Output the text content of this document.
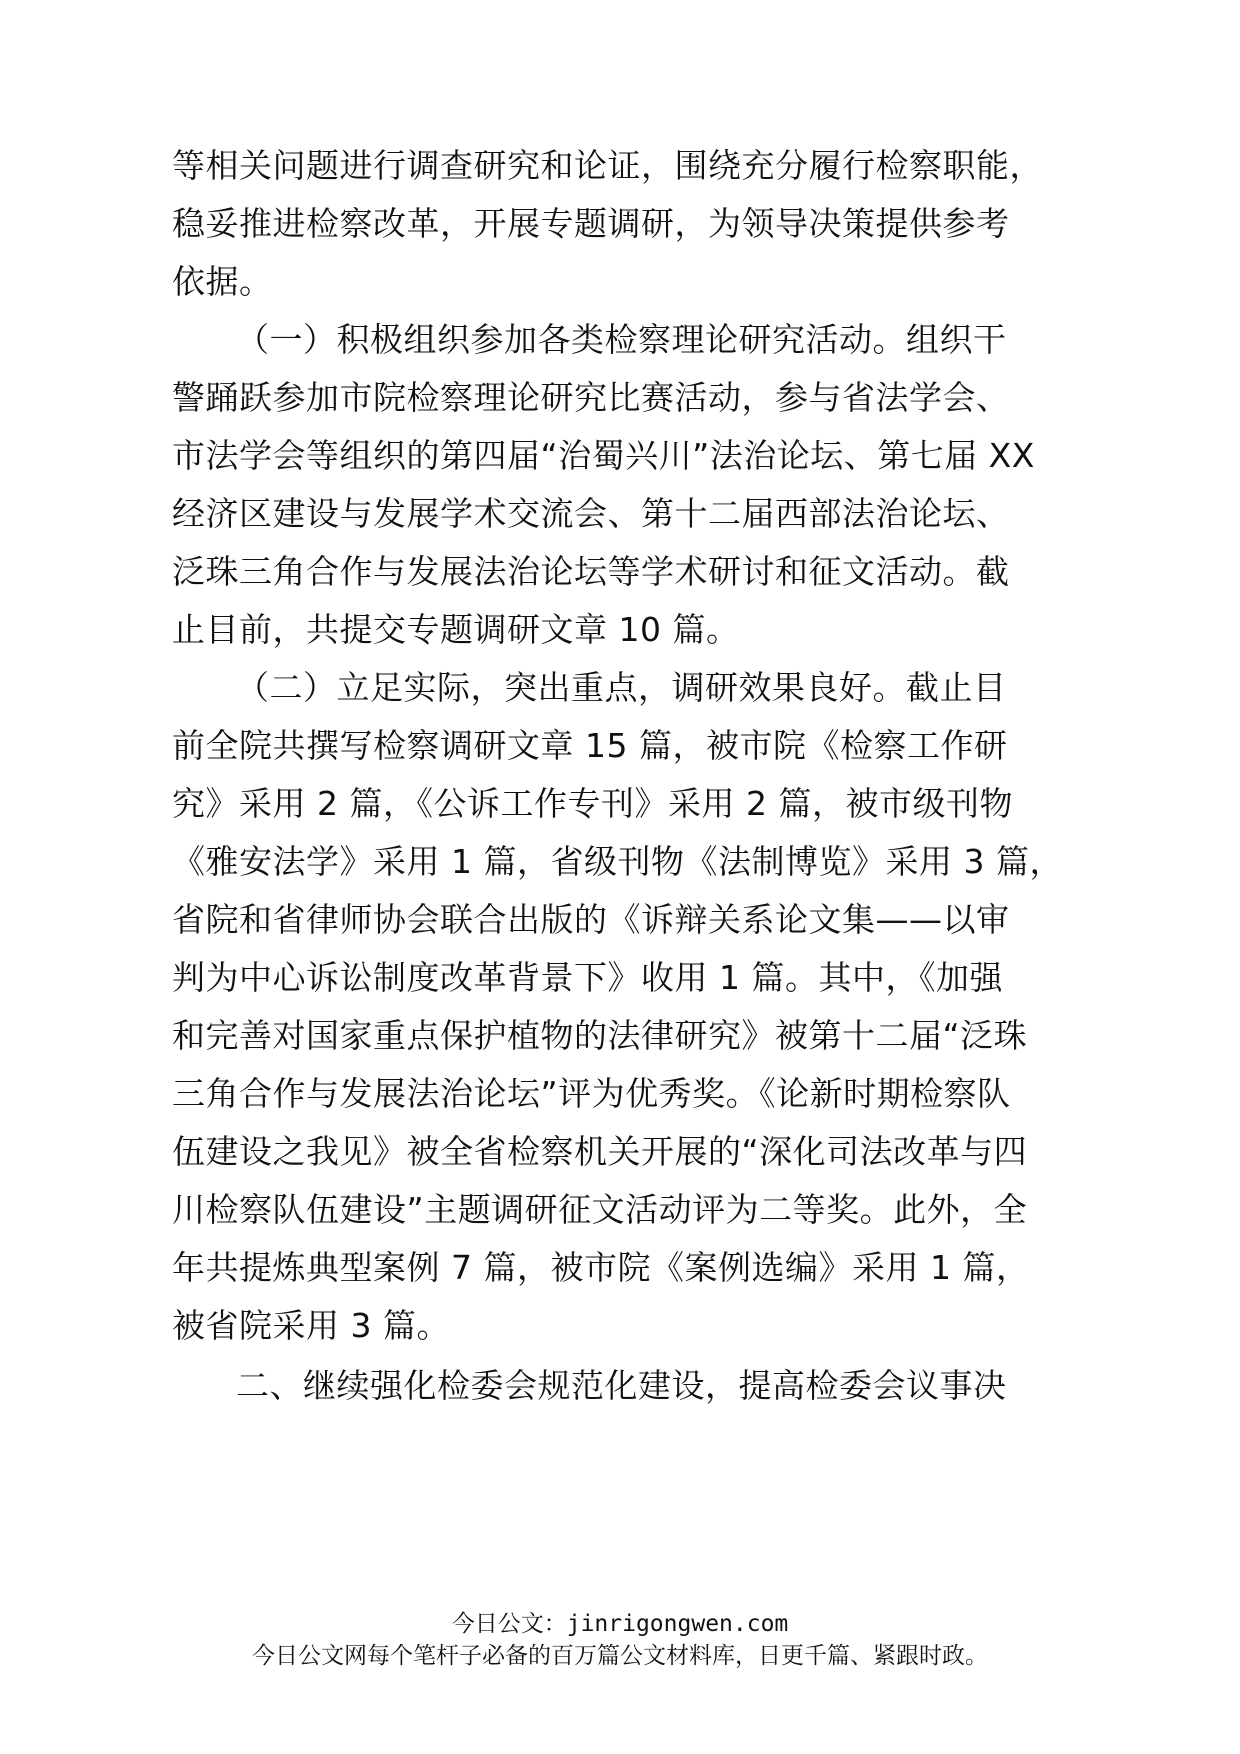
等相关问题进行调查研究和论证，围绕充分履行检察职能，
稳妥推进检察改革，开展专题调研，为领导决策提供参考
依据。
（一）积极组织参加各类检察理论研究活动。组织干
警踊跃参加市院检察理论研究比赛活动，参与省法学会、
市法学会等组织的第四届“治蜀兴川”法治论坛、第七届 XX
经济区建设与发展学术交流会、第十二届西部法治论坛、
泛珠三角合作与发展法治论坛等学术研讨和征文活动。截
止目前，共提交专题调研文章 10 篇。
（二）立足实际，突出重点，调研效果良好。截止目
前全院共撰写检察调研文章 15 篇，被市院《检察工作研
究》采用 2 篇，《公诉工作专刊》采用 2 篇，被市级刊物
《雅安法学》采用 1 篇，省级刊物《法制博览》采用 3 篇，
省院和省律师协会联合出版的《诉辩关系论文集——以审
判为中心诉讼制度改革背景下》收用 1 篇。其中，《加强
和完善对国家重点保护植物的法律研究》被第十二届“泛珠
三角合作与发展法治论坛”评为优秀奖。《论新时期检察队
伍建设之我见》被全省检察机关开展的“深化司法改革与四
川检察队伍建设”主题调研征文活动评为二等奖。此外，全
年共提炼典型案例 7 篇，被市院《案例选编》采用 1 篇，
被省院采用 3 篇。
二、继续强化检委会规范化建设，提高检委会议事决
今日公文：jinrigongwen.com
今日公文网每个笔杆子必备的百万篇公文材料库，日更千篇、紧跟时政。
